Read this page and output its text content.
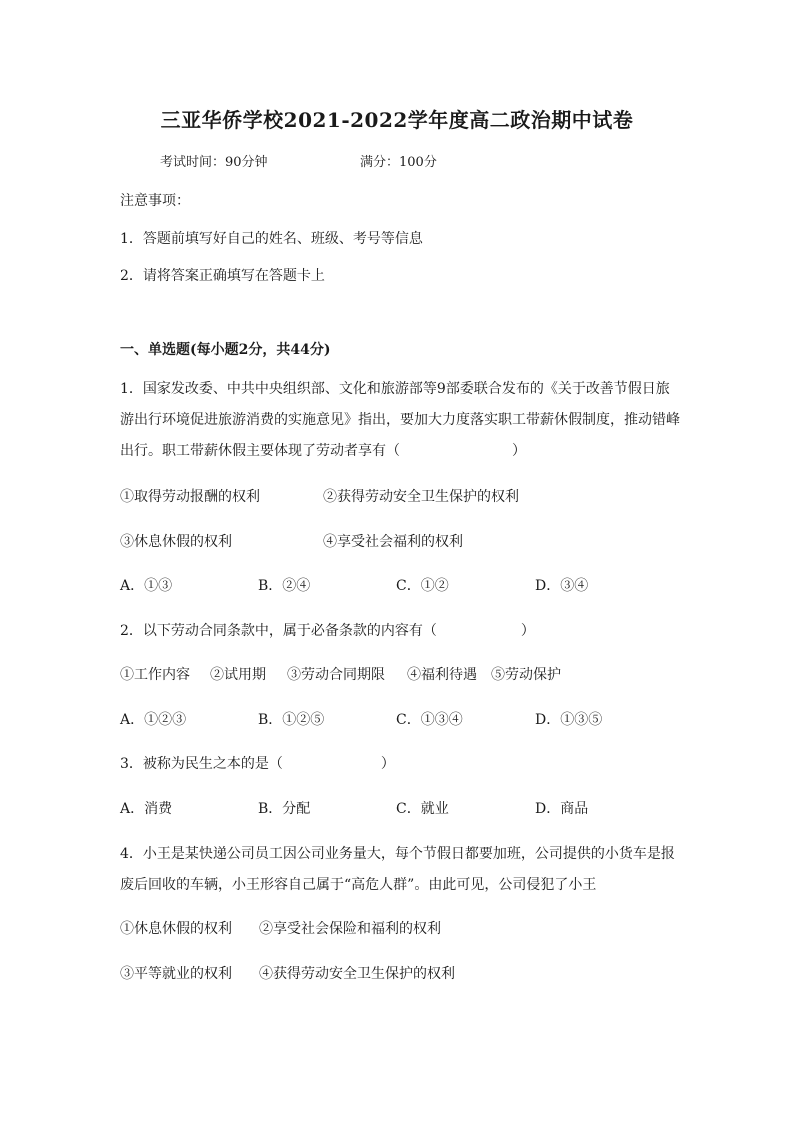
三亚华侨学校2021-2022学年度高二政治期中试卷
考试时间：90分钟	满分：100分
注意事项：
1．答题前填写好自己的姓名、班级、考号等信息
2．请将答案正确填写在答题卡上
一、单选题(每小题2分，共44分)
1．国家发改委、中共中央组织部、文化和旅游部等9部委联合发布的《关于改善节假日旅
游出行环境促进旅游消费的实施意见》指出，要加大力度落实职工带薪休假制度，推动错峰
出行。职工带薪休假主要体现了劳动者享有（　　　　　　　　）
①取得劳动报酬的权利	②获得劳动安全卫生保护的权利
③休息休假的权利	④享受社会福利的权利
A．①③	B．②④	C．①②	D．③④
2．以下劳动合同条款中，属于必备条款的内容有（　　　　　　）
①工作内容 ②试用期 ③劳动合同期限 ④福利待遇 ⑤劳动保护
A．①②③	B．①②⑤	C．①③④	D．①③⑤
3．被称为民生之本的是（　　　　　　　）
A．消费	B．分配	C．就业	D．商品
4．小王是某快递公司员工因公司业务量大，每个节假日都要加班，公司提供的小货车是报
废后回收的车辆，小王形容自己属于“高危人群”。由此可见，公司侵犯了小王
①休息休假的权利 ②享受社会保险和福利的权利
③平等就业的权利 ④获得劳动安全卫生保护的权利
